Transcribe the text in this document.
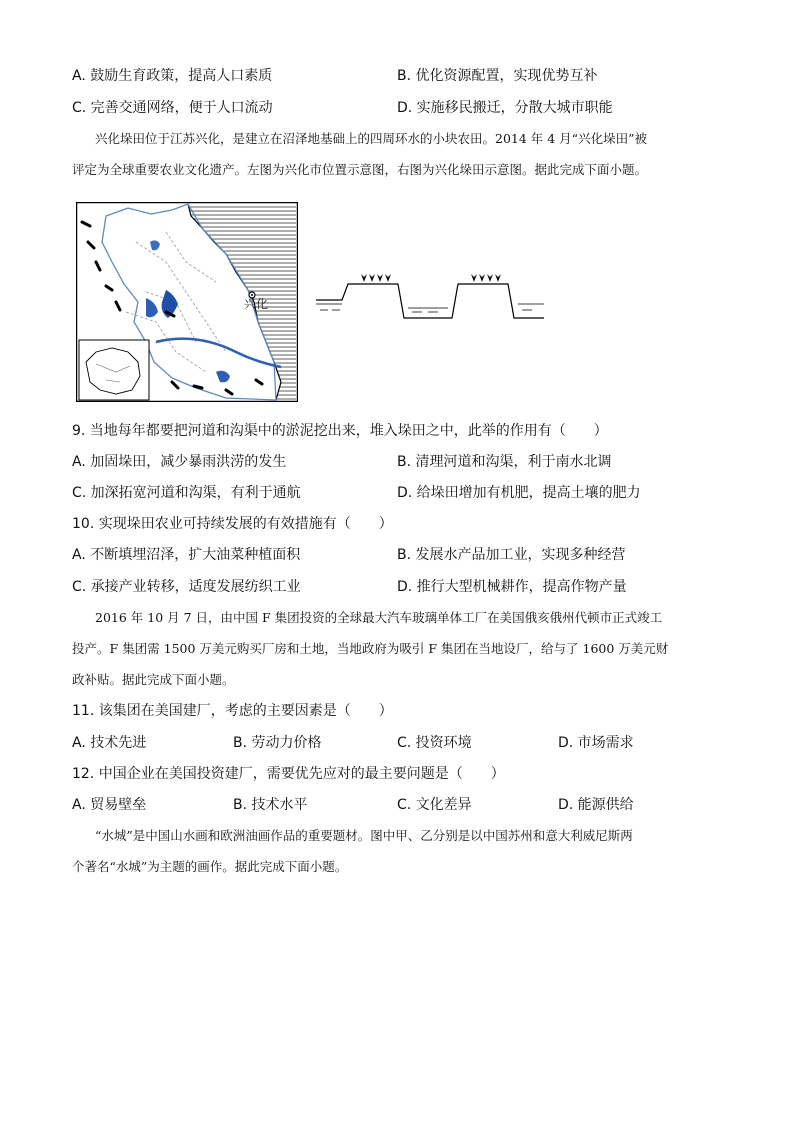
A. 鼓励生育政策，提高人口素质	B. 优化资源配置，实现优势互补
C. 完善交通网络，便于人口流动	D. 实施移民搬迁，分散大城市职能
兴化垛田位于江苏兴化，是建立在沼泽地基础上的四周环水的小块农田。2014 年 4 月“兴化垛田”被
评定为全球重要农业文化遗产。左图为兴化市位置示意图，右图为兴化垛田示意图。据此完成下面小题。
兴化
9. 当地每年都要把河道和沟渠中的淤泥挖出来，堆入垛田之中，此举的作用有（　　）
A. 加固垛田，减少暴雨洪涝的发生	B. 清理河道和沟渠，利于南水北调
C. 加深拓宽河道和沟渠，有利于通航	D. 给垛田增加有机肥，提高土壤的肥力
10. 实现垛田农业可持续发展的有效措施有（　　）
A. 不断填埋沼泽，扩大油菜种植面积	B. 发展水产品加工业，实现多种经营
C. 承接产业转移，适度发展纺织工业	D. 推行大型机械耕作，提高作物产量
2016 年 10 月 7 日，由中国 F 集团投资的全球最大汽车玻璃单体工厂在美国俄亥俄州代顿市正式竣工
投产。F 集团需 1500 万美元购买厂房和土地，当地政府为吸引 F 集团在当地设厂，给与了 1600 万美元财
政补贴。据此完成下面小题。
11. 该集团在美国建厂，考虑的主要因素是（　　）
A. 技术先进	B. 劳动力价格	C. 投资环境	D. 市场需求
12. 中国企业在美国投资建厂，需要优先应对的最主要问题是（　　）
A. 贸易壁垒	B. 技术水平	C. 文化差异	D. 能源供给
“水城”是中国山水画和欧洲油画作品的重要题材。图中甲、乙分别是以中国苏州和意大利威尼斯两
个著名“水城”为主题的画作。据此完成下面小题。
